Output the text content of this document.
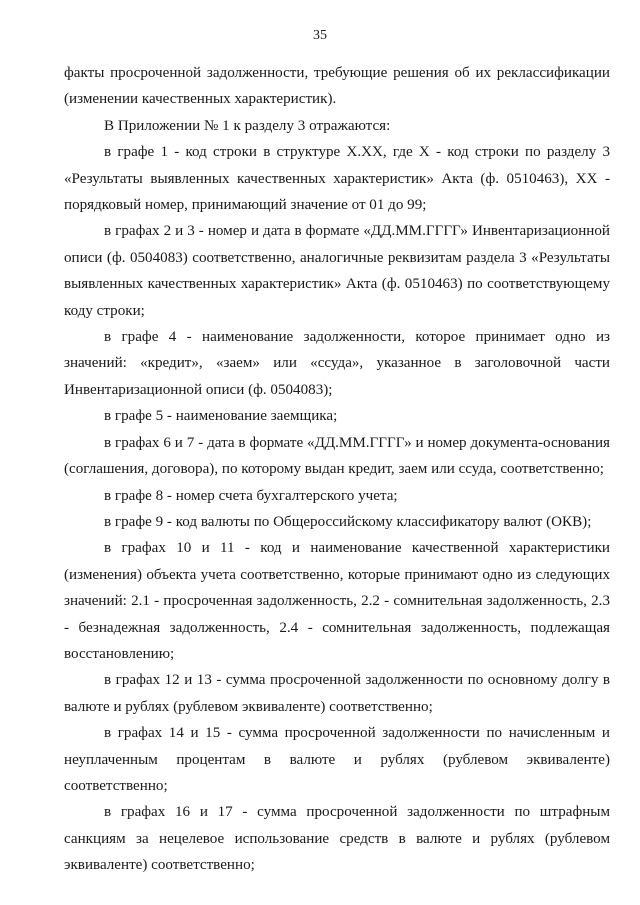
35

факты просроченной задолженности, требующие решения об их реклассификации (изменении качественных характеристик).

В Приложении № 1 к разделу 3 отражаются:

в графе 1 - код строки в структуре Х.ХХ, где Х - код строки по разделу 3 «Результаты выявленных качественных характеристик» Акта (ф. 0510463), ХХ - порядковый номер, принимающий значение от 01 до 99;

в графах 2 и 3 - номер и дата в формате «ДД.ММ.ГГГГ» Инвентаризационной описи (ф. 0504083) соответственно, аналогичные реквизитам раздела 3 «Результаты выявленных качественных характеристик» Акта (ф. 0510463) по соответствующему коду строки;

в графе 4 - наименование задолженности, которое принимает одно из значений: «кредит», «заем» или «ссуда», указанное в заголовочной части Инвентаризационной описи (ф. 0504083);

в графе 5 - наименование заемщика;

в графах 6 и 7 - дата в формате «ДД.ММ.ГГГГ» и номер документа-основания (соглашения, договора), по которому выдан кредит, заем или ссуда, соответственно;

в графе 8 - номер счета бухгалтерского учета;

в графе 9 - код валюты по Общероссийскому классификатору валют (ОКВ);

в графах 10 и 11 - код и наименование качественной характеристики (изменения) объекта учета соответственно, которые принимают одно из следующих значений: 2.1 - просроченная задолженность, 2.2 - сомнительная задолженность, 2.3 - безнадежная задолженность, 2.4 - сомнительная задолженность, подлежащая восстановлению;

в графах 12 и 13 - сумма просроченной задолженности по основному долгу в валюте и рублях (рублевом эквиваленте) соответственно;

в графах 14 и 15 - сумма просроченной задолженности по начисленным и неуплаченным процентам в валюте и рублях (рублевом эквиваленте) соответственно;

в графах 16 и 17 - сумма просроченной задолженности по штрафным санкциям за нецелевое использование средств в валюте и рублях (рублевом эквиваленте) соответственно;
